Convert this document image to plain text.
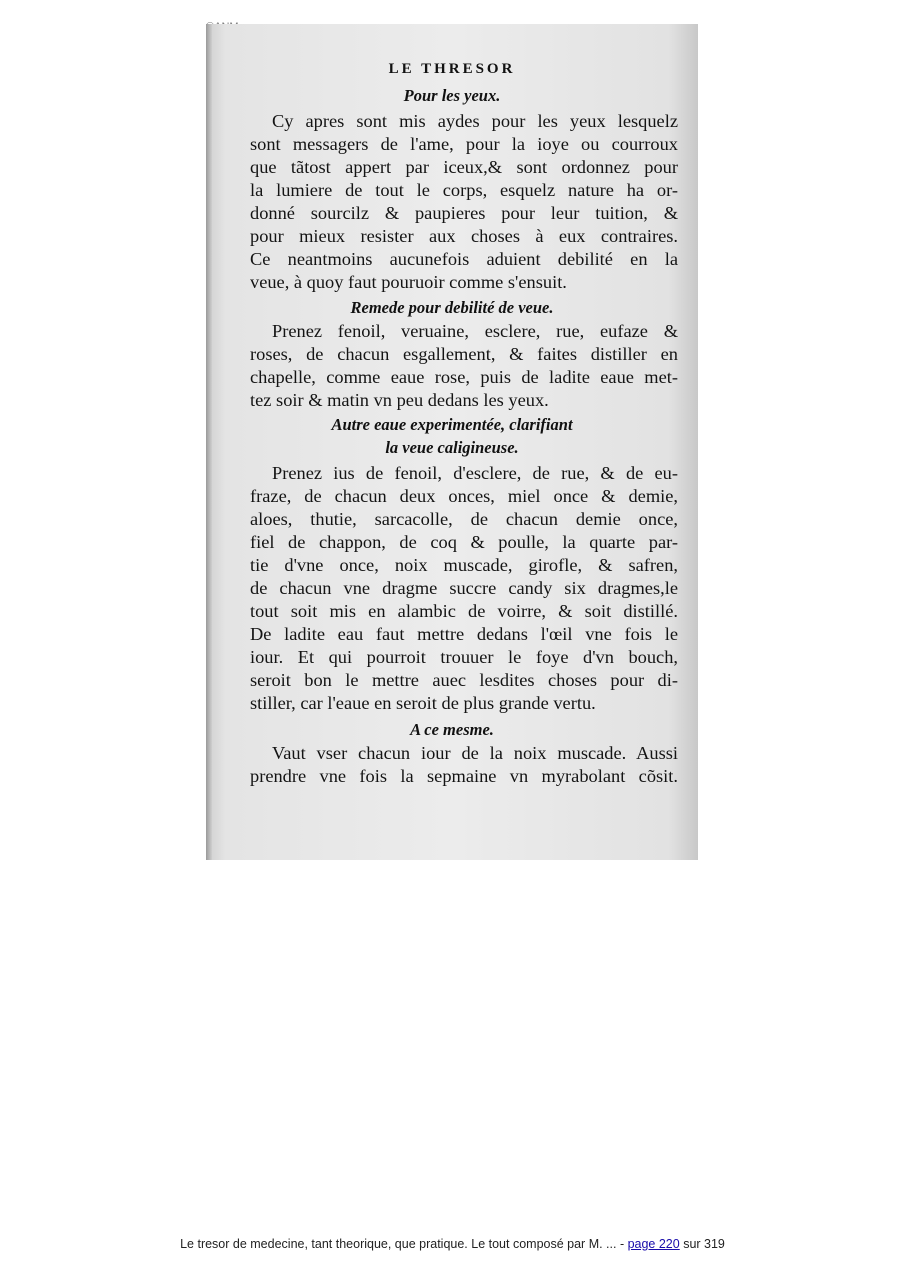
LE THRESOR
Pour les yeux.
Cy apres sont mis aydes pour les yeux lesquelz
sont messagers de l'ame, pour la ioye ou courroux
que tãtost appert par iceux,& sont ordonnez pour
la lumiere de tout le corps, esquelz nature ha or-
donné sourcilz & paupieres pour leur tuition, &
pour mieux resister aux choses à eux contraires.
Ce neantmoins aucunefois aduient debilité en la
veue, à quoy faut pouruoir comme s'ensuit.
Remede pour debilité de veue.
Prenez fenoil, veruaine, esclere, rue, eufaze &
roses, de chacun esgallement, & faites distiller en
chapelle, comme eaue rose, puis de ladite eaue met-
tez soir & matin vn peu dedans les yeux.
Autre eaue experimentée, clarifiant
la veue caligineuse.
Prenez ius de fenoil, d'esclere, de rue, & de eu-
fraze, de chacun deux onces, miel once & demie,
aloes, thutie, sarcacolle, de chacun demie once,
fiel de chappon, de coq & poulle, la quarte par-
tie d'vne once, noix muscade, girofle, & safren,
de chacun vne dragme succre candy six dragmes,le
tout soit mis en alambic de voirre, & soit distillé.
De ladite eau faut mettre dedans l'œil vne fois le
iour. Et qui pourroit trouuer le foye d'vn bouch,
seroit bon le mettre auec lesdites choses pour di-
stiller, car l'eaue en seroit de plus grande vertu.
A ce mesme.
Vaut vser chacun iour de la noix muscade. Aussi
prendre vne fois la sepmaine vn myrabolant cõsit.
Le tresor de medecine, tant theorique, que pratique. Le tout composé par M. ... - page 220 sur 319
